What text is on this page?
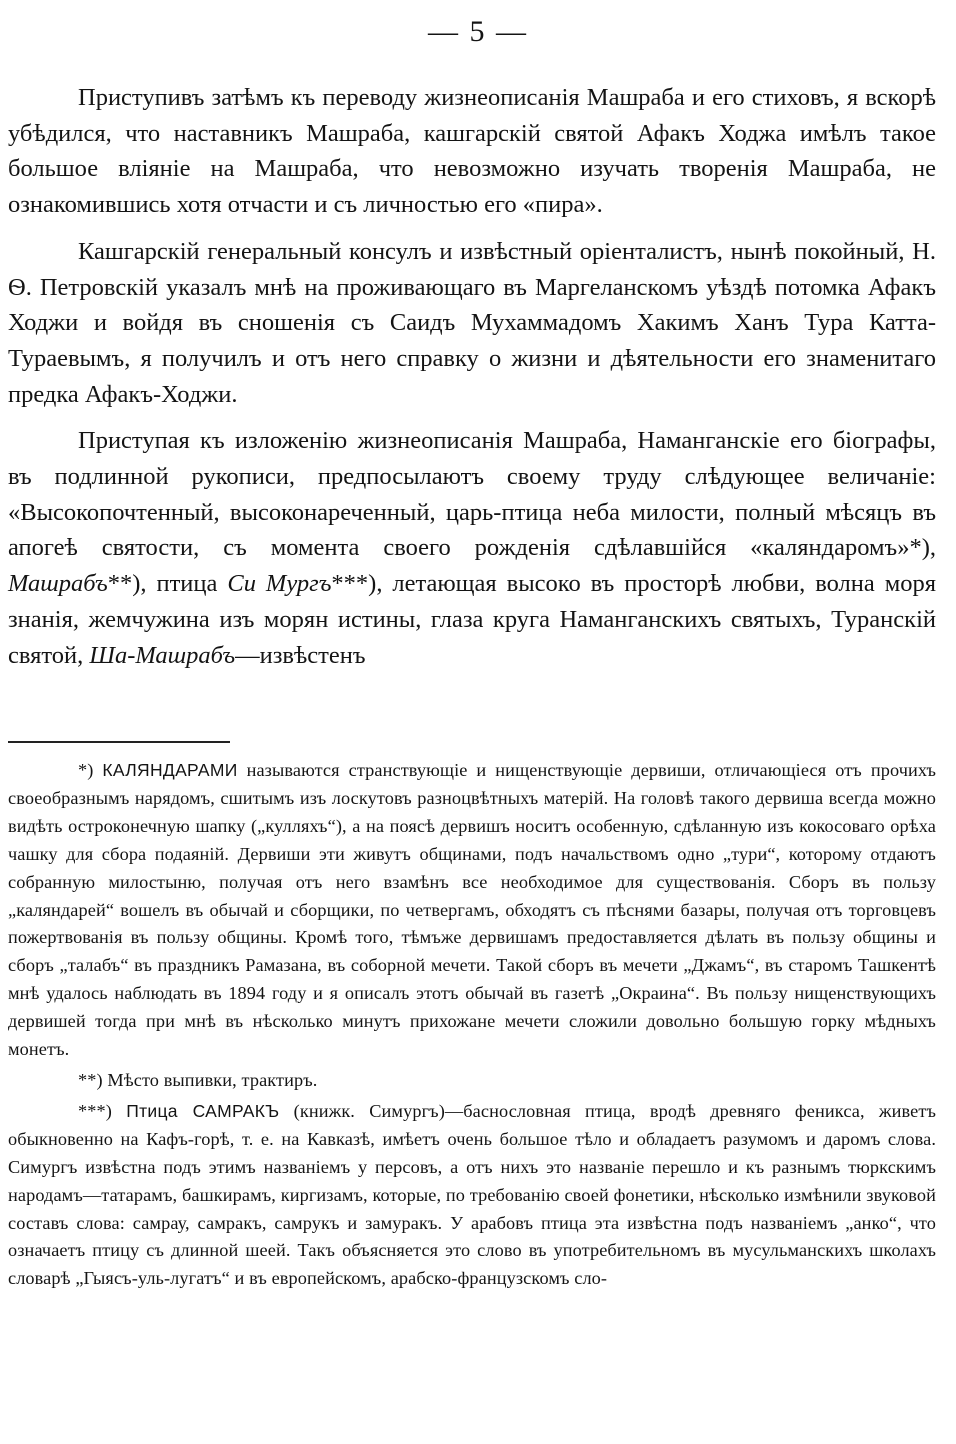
— 5 —

Приступивъ затѣмъ къ переводу жизнеописанія Машраба и его стиховъ, я вскорѣ убѣдился, что наставникъ Машраба, кашгарскій святой Афакъ Ходжа имѣлъ такое большое вліяніе на Машраба, что невозможно изучать творенія Машраба, не ознакомившись хотя отчасти и съ личностью его «пира».

Кашгарскій генеральный консулъ и извѣстный оріенталистъ, нынѣ покойный, Н. Ѳ. Петровскій указалъ мнѣ на проживающаго въ Маргеланскомъ уѣздѣ потомка Афакъ Ходжи и войдя въ сношенія съ Саидъ Мухаммадомъ Хакимъ Ханъ Тура Катта-Тураевымъ, я получилъ и отъ него справку о жизни и дѣятельности его знаменитаго предка Афакъ-Ходжи.

Приступая къ изложенію жизнеописанія Машраба, Наманганскіе его біографы, въ подлинной рукописи, предпосылаютъ своему труду слѣдующее величаніе: «Высокопочтенный, высоконареченный, царь-птица неба милости, полный мѣсяцъ въ апогеѣ святости, съ момента своего рожденія сдѣлавшійся «каляндаромъ»*), Машрабъ**), птица Си Мургъ***), летающая высоко въ просторѣ любви, волна моря знанія, жемчужина изъ морян истины, глаза круга Наманганскихъ святыхъ, Туранскій святой, Ша-Машрабъ—извѣстенъ

*) КАЛЯНДАРАМИ называются странствующіе и нищенствующіе дервиши, отличающіеся отъ прочихъ своеобразнымъ нарядомъ, сшитымъ изъ лоскутовъ разноцвѣтныхъ матерій. На головѣ такого дервиша всегда можно видѣть остроконечную шапку („кулляхъ“), а на поясѣ дервишъ носитъ особенную, сдѣланную изъ кокосоваго орѣха чашку для сбора подаяній. Дервиши эти живутъ общинами, подъ начальствомъ одно „тури“, которому отдаютъ собранную милостыню, получая отъ него взамѣнъ все необходимое для существованія. Сборъ въ пользу „каляндарей“ вошелъ въ обычай и сборщики, по четвергамъ, обходятъ съ пѣснями базары, получая отъ торговцевъ пожертвованія въ пользу общины. Кромѣ того, тѣмъже дервишамъ предоставляется дѣлать въ пользу общины и сборъ „талабъ“ въ праздникъ Рамазана, въ соборной мечети. Такой сборъ въ мечети „Джамъ“, въ старомъ Ташкентѣ мнѣ удалось наблюдать въ 1894 году и я описалъ этотъ обычай въ газетѣ „Окраина“. Въ пользу нищенствующихъ дервишей тогда при мнѣ въ нѣсколько минутъ прихожане мечети сложили довольно большую горку мѣдныхъ монетъ.

**) Мѣсто выпивки, трактиръ.

***) Птица САМРАКЪ (книжк. Симургъ)—баснословная птица, вродѣ древняго феникса, живетъ обыкновенно на Кафъ-горѣ, т. е. на Кавказѣ, имѣетъ очень большое тѣло и обладаетъ разумомъ и даромъ слова. Симургъ извѣстна подъ этимъ названіемъ у персовъ, а отъ нихъ это названіе перешло и къ разнымъ тюркскимъ народамъ—татарамъ, башкирамъ, киргизамъ, которые, по требованію своей фонетики, нѣсколько измѣнили звуковой составъ слова: самрау, самракъ, самрукъ и замуракъ. У арабовъ птица эта извѣстна подъ названіемъ „анко“, что означаетъ птицу съ длинной шеей. Такъ объясняется это слово въ употребительномъ въ мусульманскихъ школахъ словарѣ „Гыясъ-уль-лугатъ“ и въ европейскомъ, арабско-французскомъ сло-
